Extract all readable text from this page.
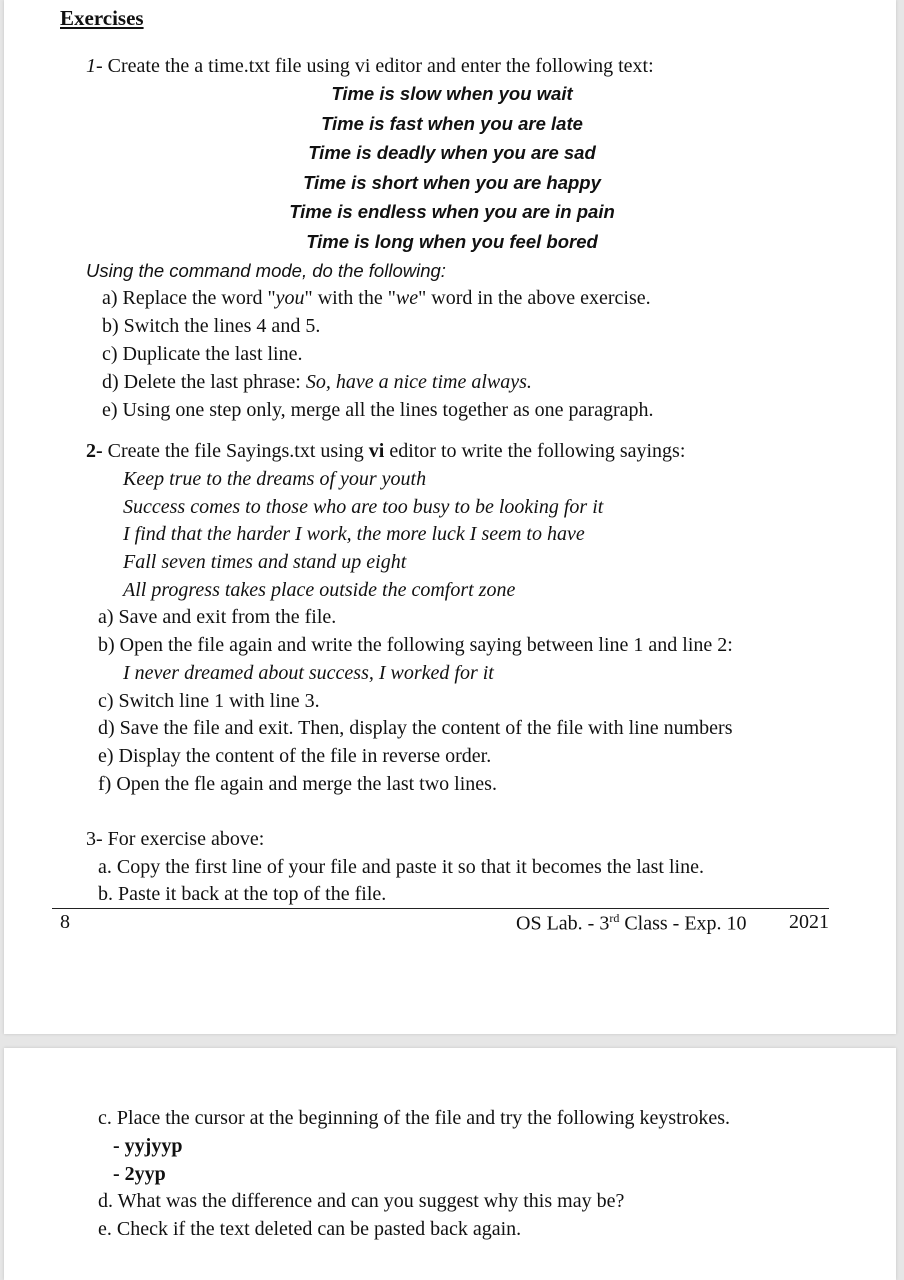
Exercises
1- Create the a time.txt file using vi editor and enter the following text:
Time is slow when you wait
Time is fast when you are late
Time is deadly when you are sad
Time is short when you are happy
Time is endless when you are in pain
Time is long when you feel bored
Using the command mode, do the following:
a) Replace the word "you" with the "we" word in the above exercise.
b) Switch the lines 4 and 5.
c) Duplicate the last line.
d) Delete the last phrase: So, have a nice time always.
e) Using one step only, merge all the lines together as one paragraph.
2- Create the file Sayings.txt using vi editor to write the following sayings:
Keep true to the dreams of your youth
Success comes to those who are too busy to be looking for it
I find that the harder I work, the more luck I seem to have
Fall seven times and stand up eight
All progress takes place outside the comfort zone
a) Save and exit from the file.
b) Open the file again and write the following saying between line 1 and line 2:
I never dreamed about success, I worked for it
c) Switch line 1 with line 3.
d) Save the file and exit. Then, display the content of the file with line numbers
e) Display the content of the file in reverse order.
f) Open the fle again and merge the last two lines.
3- For exercise above:
a. Copy the first line of your file and paste it so that it becomes the last line.
b. Paste it back at the top of the file.
8	OS Lab. - 3rd Class - Exp. 10 2021
c. Place the cursor at the beginning of the file and try the following keystrokes.
- yyjyyp
- 2yyp
d. What was the difference and can you suggest why this may be?
e. Check if the text deleted can be pasted back again.
